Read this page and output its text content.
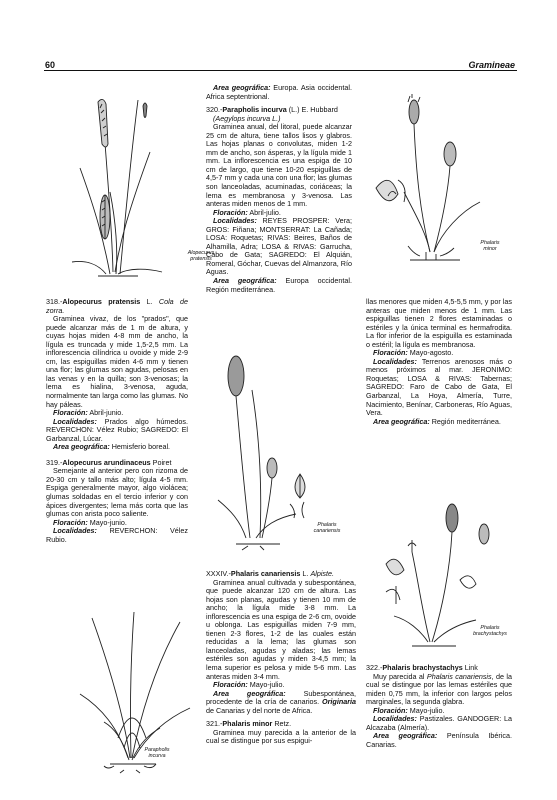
60	Gramineae
Alopecurus
pratensis
Phalaris
minor
Phalaris
canariensis
Phalaris
brachystachys
Parapholis
incurva

318.-Alopecurus pratensis L. Cola de zorra.

Graminea vivaz, de los "prados", que puede alcanzar más de 1 m de altura, y cuyas hojas miden 4-8 mm de ancho, la lígula es truncada y mide 1,5-2,5 mm. La inflorescencia cilíndrica u ovoide y mide 2-9 cm, las espiguillas miden 4-6 mm y tienen una flor; las glumas son agudas, pelosas en las venas y en la quilla; son 3-venosas; la lema es hialina, 3-venosa, aguda, normalmente tan larga como las glumas. No hay páleas.

Floración: Abril-junio.

Localidades: Prados algo húmedos. REVERCHON: Vélez Rubio; SAGREDO: El Garbanzal, Lúcar.

Area geográfica: Hemisferio boreal.

319.-Alopecurus arundinaceus Poiret

Semejante al anterior pero con rizoma de 20-30 cm y tallo más alto; lígula 4-5 mm. Espiga generalmente mayor, algo violácea; glumas soldadas en el tercio inferior y con ápices divergentes; lema más corta que las glumas con arista poco saliente.

Floración: Mayo-junio.

Localidades: REVERCHON: Vélez Rubio.

Area geográfica: Europa. Asia occidental. Africa septentrional.

320.-Parapholis incurva (L.) E. Hubbard

(Aegylops incurva L.)

Graminea anual, del litoral, puede alcanzar 25 cm de altura, tiene tallos lisos y glabros. Las hojas planas o convolutas, miden 1-2 mm de ancho, son ásperas, y la lígula mide 1 mm. La inflorescencia es una espiga de 10 cm de largo, que tiene 10-20 espiguillas de 4,5-7 mm y cada una con una flor; las glumas son lanceoladas, acuminadas, coriáceas; la lema es membranosa y 3-venosa. Las anteras miden menos de 1 mm.

Floración: Abril-julio.

Localidades: REYES PROSPER: Vera; GROS: Fiñana; MONTSERRAT: La Cañada; LOSA: Roquetas; RIVAS: Beires, Baños de Alhamilla, Adra; LOSA & RIVAS: Garrucha, Cabo de Gata; SAGREDO: El Alquián, Romeral, Góchar, Cuevas del Almanzora, Río Aguas.

Area geográfica: Europa occidental. Región mediterránea.

XXXIV.-Phalaris canariensis L. Alpiste.

Graminea anual cultivada y subespontánea, que puede alcanzar 120 cm de altura. Las hojas son planas, agudas y tienen 10 mm de ancho; la lígula mide 3-8 mm. La inflorescencia es una espiga de 2-6 cm, ovoide u oblonga. Las espiguillas miden 7-9 mm, tienen 2-3 flores, 1-2 de las cuales están reducidas a la lema; las glumas son lanceoladas, agudas y aladas; las lemas estériles son agudas y miden 3-4,5 mm; la lema superior es pelosa y mide 5-6 mm. Las anteras miden 3-4 mm.

Floración: Mayo-julio.

Area geográfica: Subespontánea, procedente de la cría de canarios. Originaria de Canarias y del norte de Africa.

321.-Phalaris minor Retz.

Graminea muy parecida a la anterior de la cual se distingue por sus espigui-

llas menores que miden 4,5-5,5 mm, y por las anteras que miden menos de 1 mm. Las espiguillas tienen 2 flores estaminadas o estériles y la única terminal es hermafrodita. La flor inferior de la espiguilla es estaminada o estéril; la lígula es membranosa.

Floración: Mayo-agosto.

Localidades: Terrenos arenosos más o menos próximos al mar. JERONIMO: Roquetas; LOSA & RIVAS: Tabernas; SAGREDO: Faro de Cabo de Gata, El Garbanzal, La Hoya, Almería, Turre, Nacimiento, Benínar, Carboneras, Río Aguas, Vera.

Area geográfica: Región mediterránea.

322.-Phalaris brachystachys Link

Muy parecida al Phalaris canariensis, de la cual se distingue por las lemas estériles que miden 0,75 mm, la inferior con largos pelos marginales, la segunda glabra.

Floración: Mayo-julio.

Localidades: Pastizales. GANDOGER: La Alcazaba (Almería).

Area geográfica: Península Ibérica. Canarias.
